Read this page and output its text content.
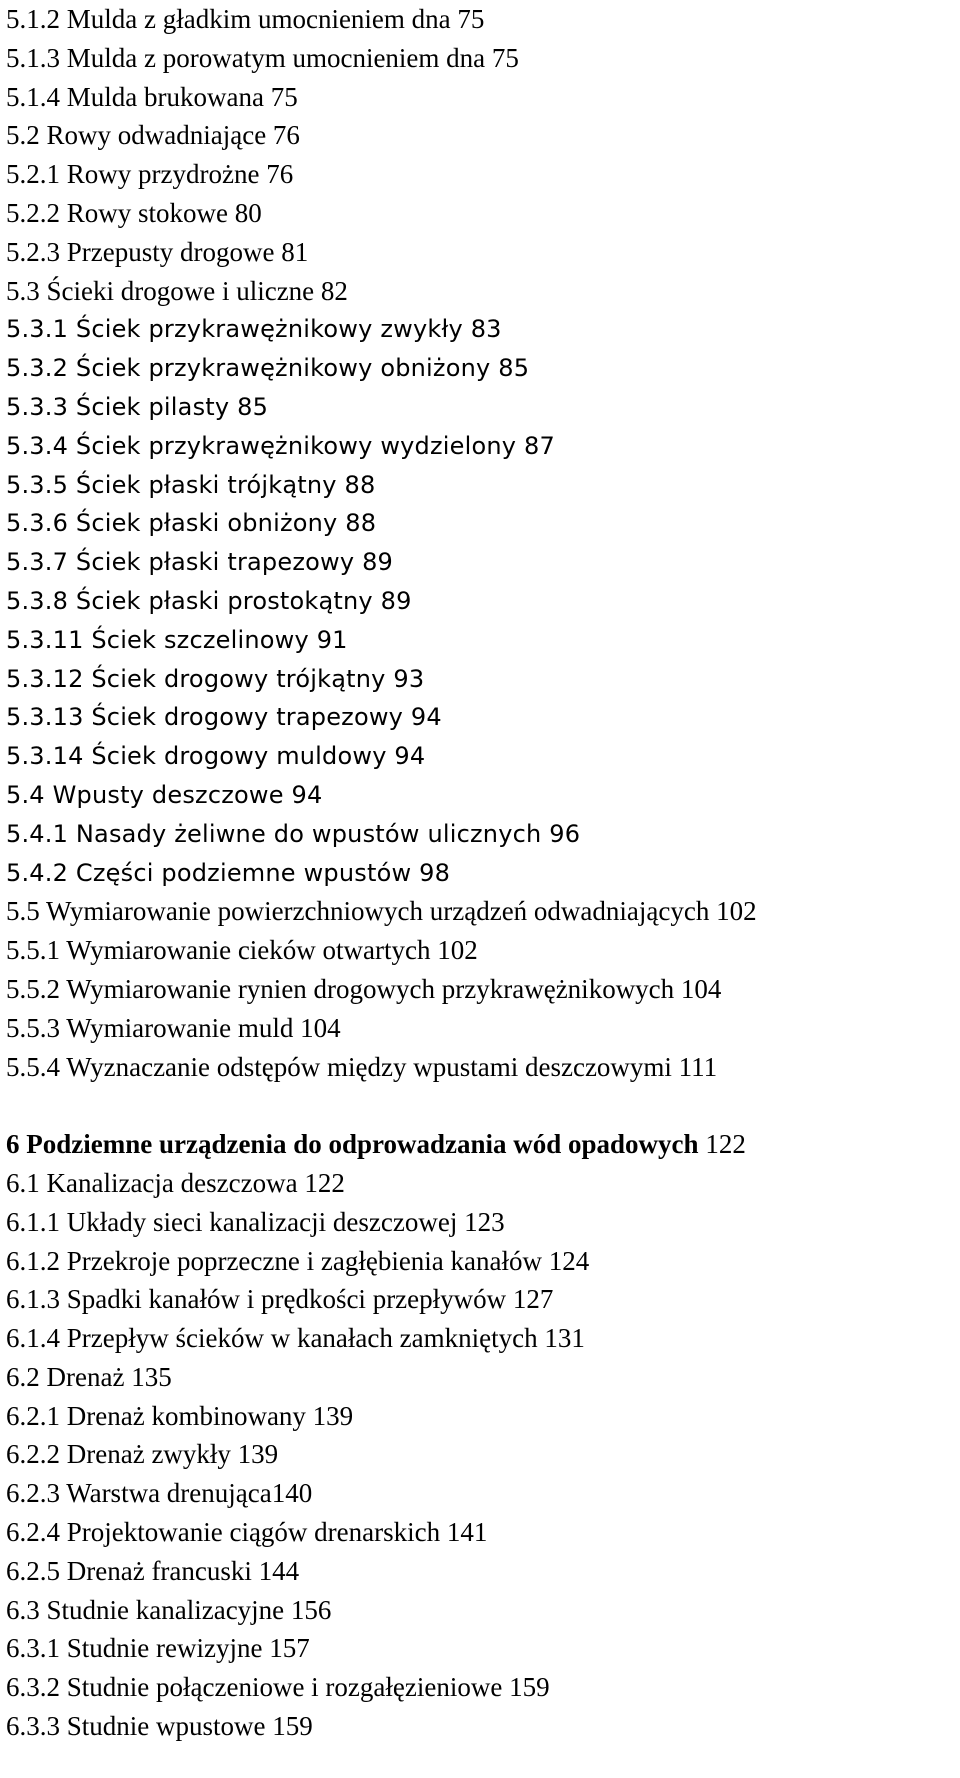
5.1.2 Mulda z gładkim umocnieniem dna 75
5.1.3 Mulda z porowatym umocnieniem dna 75
5.1.4 Mulda brukowana 75
5.2 Rowy odwadniające 76
5.2.1 Rowy przydrożne 76
5.2.2 Rowy stokowe 80
5.2.3 Przepusty drogowe 81
5.3 Ścieki drogowe i uliczne 82
5.3.1 Ściek przykrawężnikowy zwykły 83
5.3.2 Ściek przykrawężnikowy obniżony 85
5.3.3 Ściek pilasty 85
5.3.4 Ściek przykrawężnikowy wydzielony 87
5.3.5 Ściek płaski trójkątny 88
5.3.6 Ściek płaski obniżony 88
5.3.7 Ściek płaski trapezowy 89
5.3.8 Ściek płaski prostokątny 89
5.3.11 Ściek szczelinowy 91
5.3.12 Ściek drogowy trójkątny 93
5.3.13 Ściek drogowy trapezowy 94
5.3.14 Ściek drogowy muldowy 94
5.4 Wpusty deszczowe 94
5.4.1 Nasady żeliwne do wpustów ulicznych 96
5.4.2 Części podziemne wpustów 98
5.5 Wymiarowanie powierzchniowych urządzeń odwadniających 102
5.5.1 Wymiarowanie cieków otwartych 102
5.5.2 Wymiarowanie rynien drogowych przykrawężnikowych 104
5.5.3 Wymiarowanie muld 104
5.5.4 Wyznaczanie odstępów między wpustami deszczowymi 111
6 Podziemne urządzenia do odprowadzania wód opadowych 122
6.1 Kanalizacja deszczowa 122
6.1.1 Układy sieci kanalizacji deszczowej 123
6.1.2 Przekroje poprzeczne i zagłębienia kanałów 124
6.1.3 Spadki kanałów i prędkości przepływów 127
6.1.4 Przepływ ścieków w kanałach zamkniętych 131
6.2 Drenaż 135
6.2.1 Drenaż kombinowany 139
6.2.2 Drenaż zwykły 139
6.2.3 Warstwa drenująca140
6.2.4 Projektowanie ciągów drenarskich 141
6.2.5 Drenaż francuski 144
6.3 Studnie kanalizacyjne 156
6.3.1 Studnie rewizyjne 157
6.3.2 Studnie połączeniowe i rozgałęzieniowe 159
6.3.3 Studnie wpustowe 159
